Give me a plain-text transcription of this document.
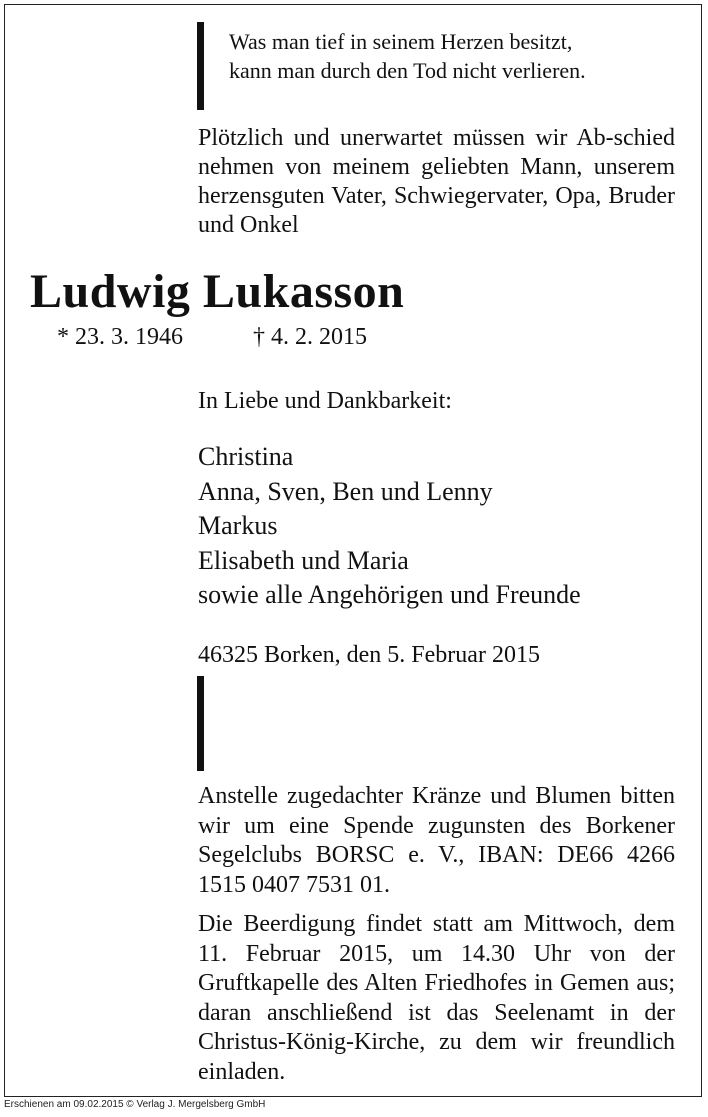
Was man tief in seinem Herzen besitzt,
kann man durch den Tod nicht verlieren.
Plötzlich und unerwartet müssen wir Ab-schied nehmen von meinem geliebten Mann, unserem herzensguten Vater, Schwiegervater, Opa, Bruder und Onkel
Ludwig Lukasson
* 23. 3. 1946	† 4. 2. 2015
In Liebe und Dankbarkeit:
Christina
Anna, Sven, Ben und Lenny
Markus
Elisabeth und Maria
sowie alle Angehörigen und Freunde
46325 Borken, den 5. Februar 2015
Anstelle zugedachter Kränze und Blumen bitten wir um eine Spende zugunsten des Borkener Segelclubs BORSC e. V., IBAN: DE66 4266 1515 0407 7531 01.
Die Beerdigung findet statt am Mittwoch, dem 11. Februar 2015, um 14.30 Uhr von der Gruftkapelle des Alten Friedhofes in Gemen aus; daran anschließend ist das Seelenamt in der Christus-König-Kirche, zu dem wir freundlich einladen.
Erschienen am 09.02.2015 © Verlag J. Mergelsberg GmbH
